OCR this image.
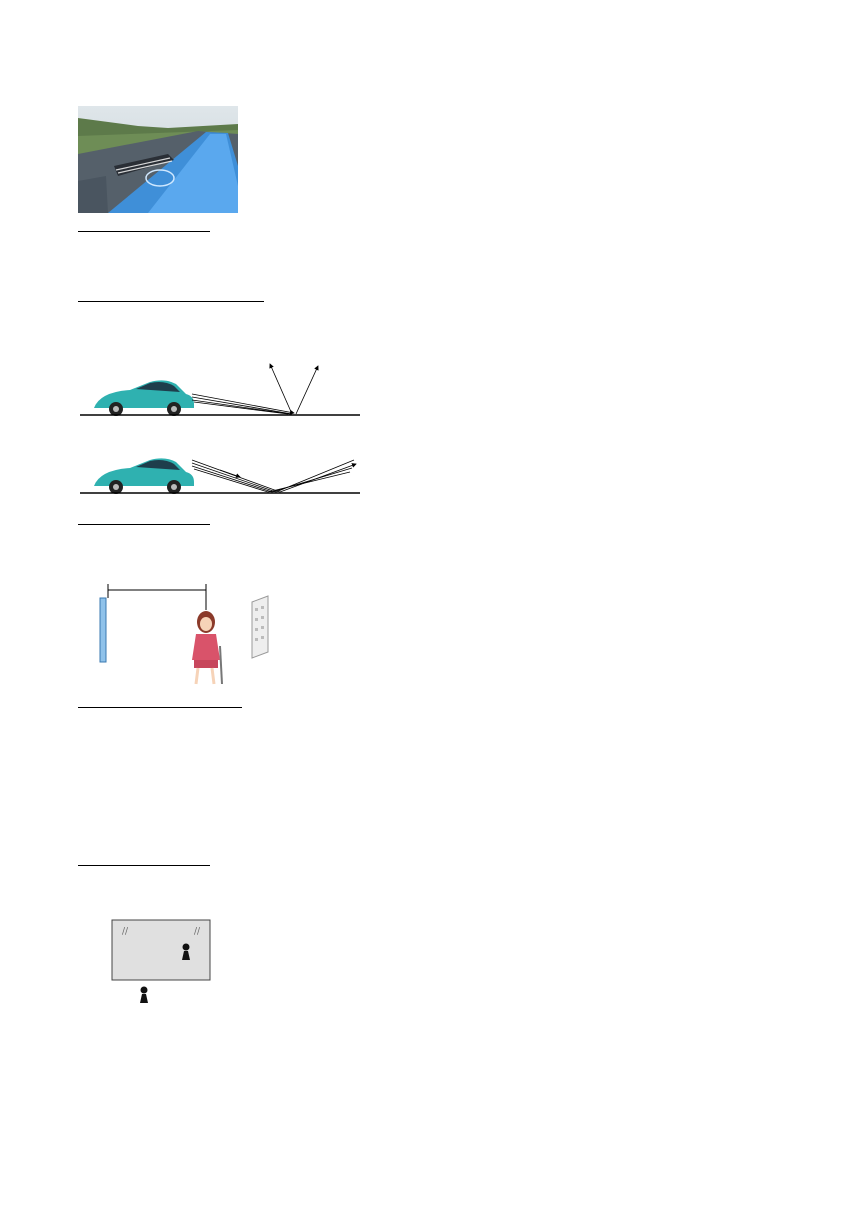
//	//
